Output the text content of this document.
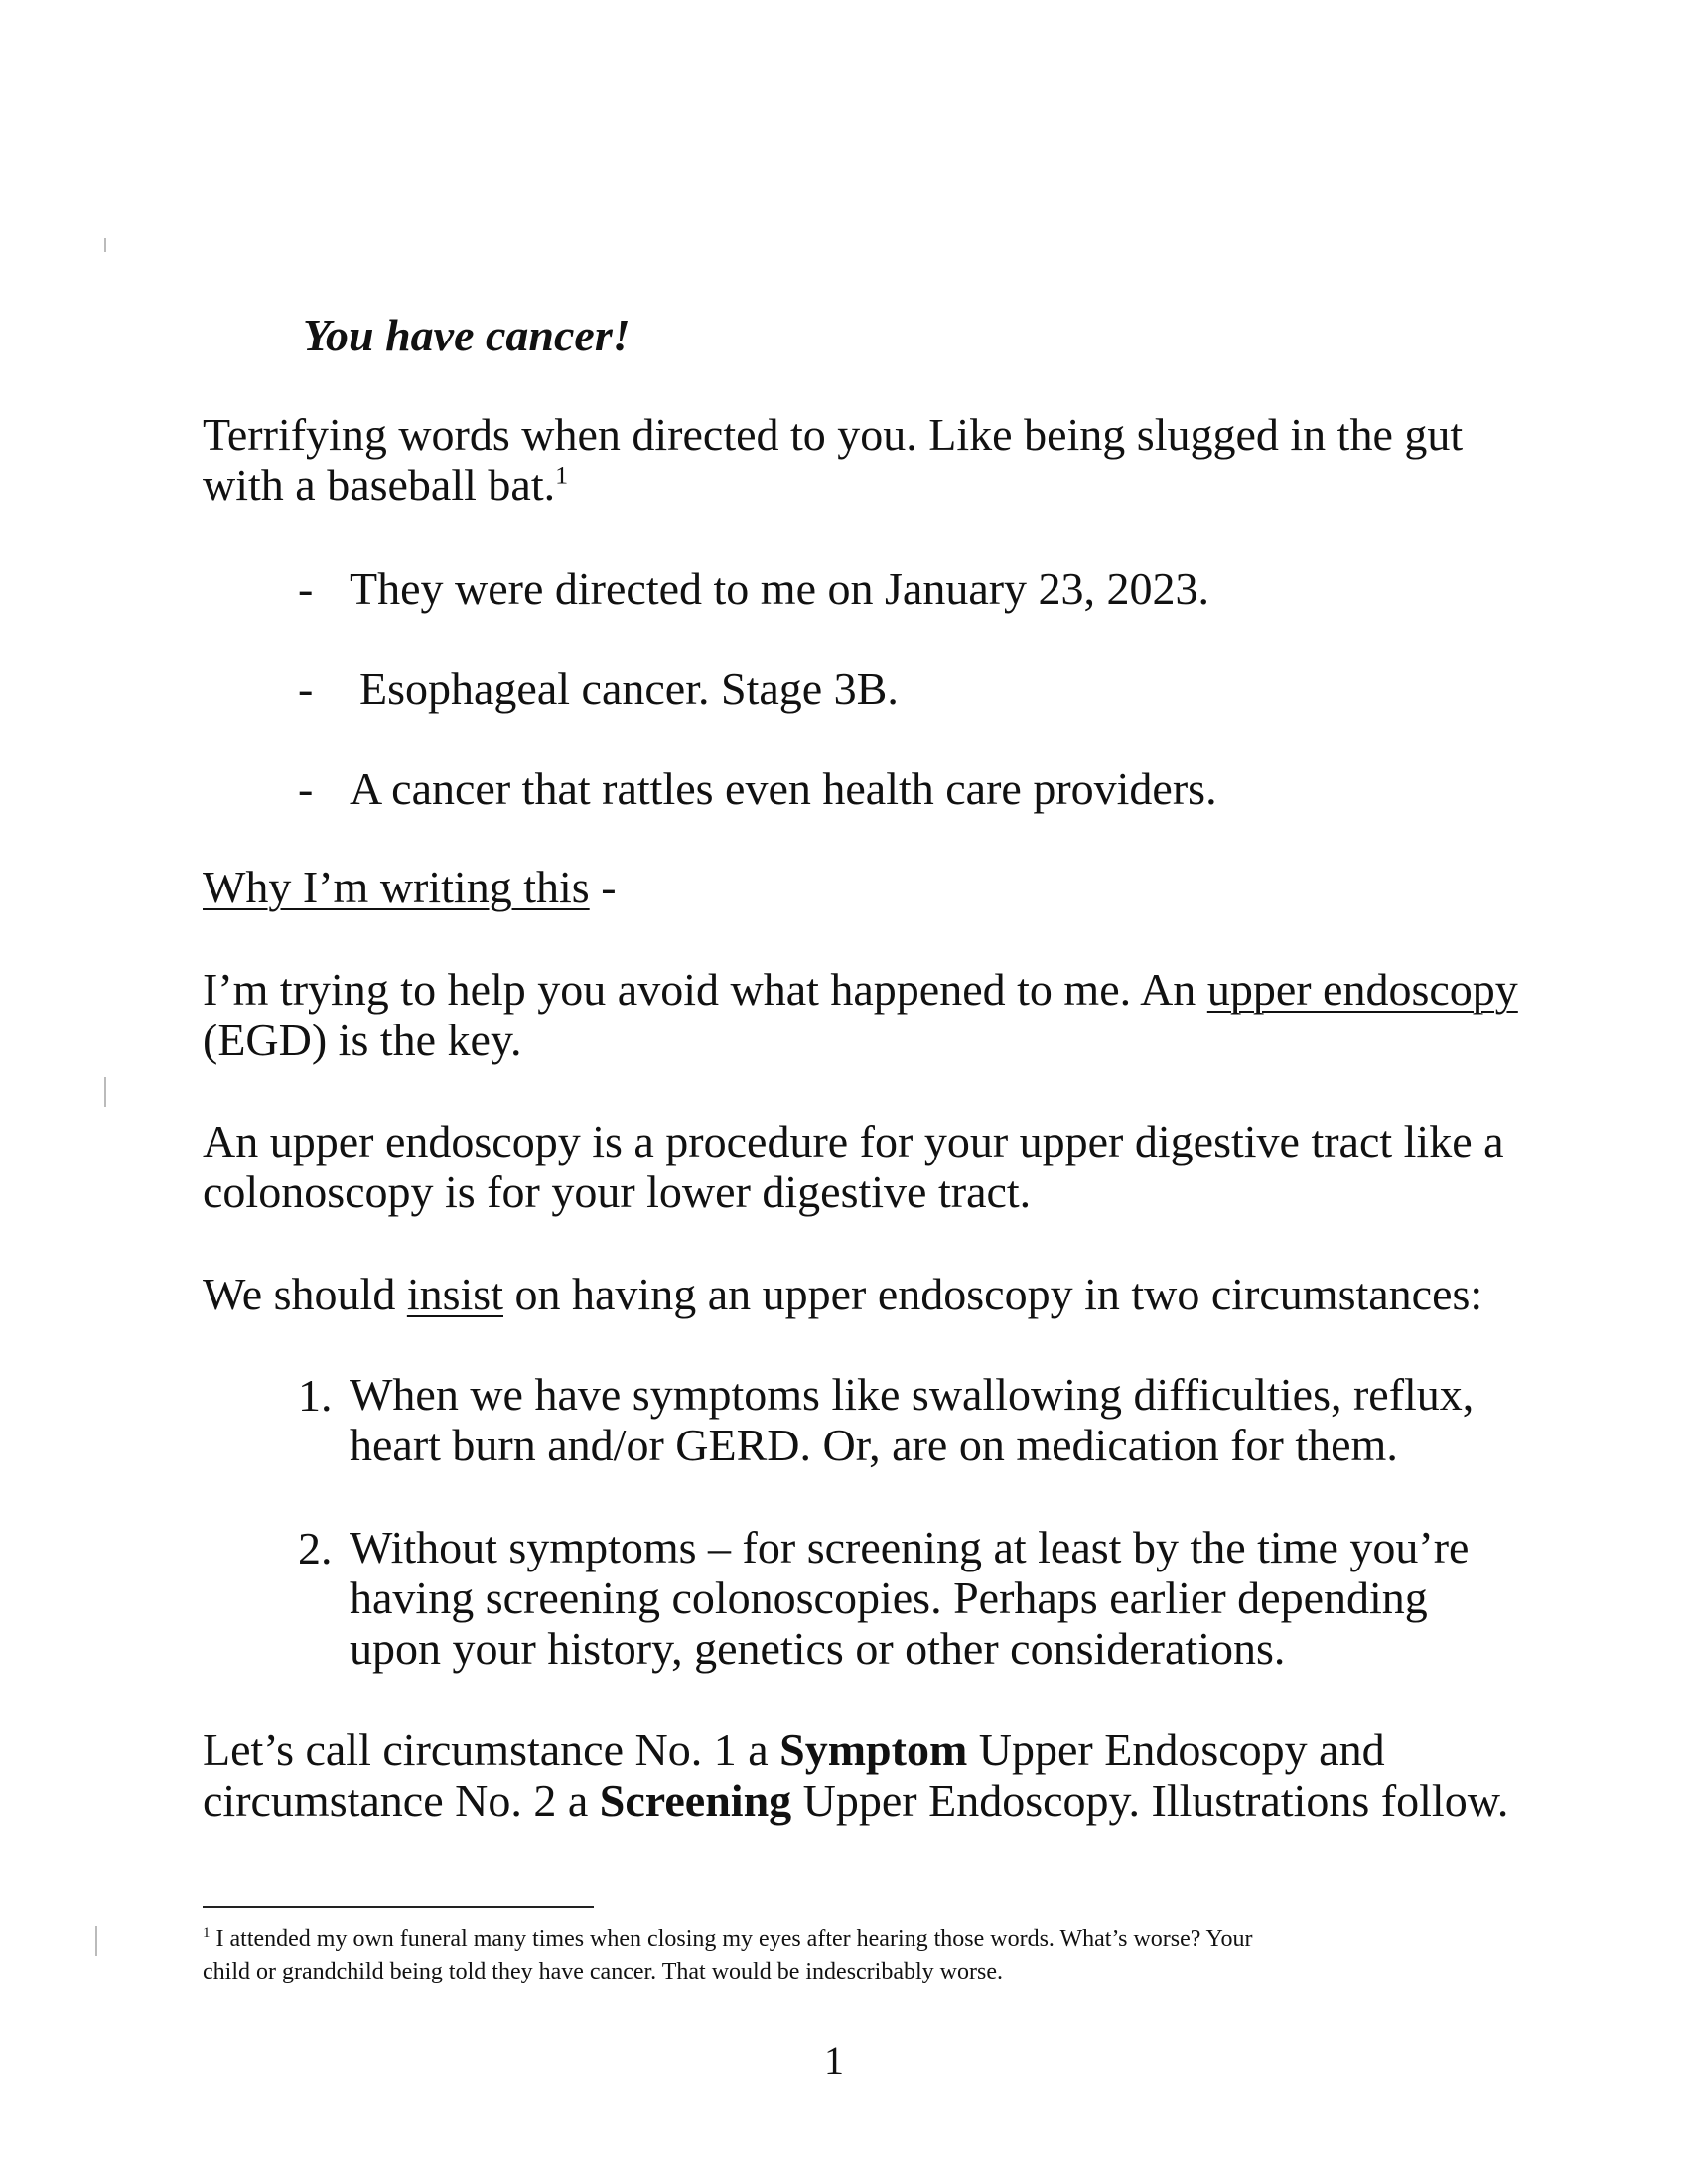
You have cancer!
Terrifying words when directed to you. Like being slugged in the gut
with a baseball bat.$^1$
- They were directed to me on January 23, 2023.
- Esophageal cancer. Stage 3B.
- A cancer that rattles even health care providers.
Why I’m writing this -
I’m trying to help you avoid what happened to me. An upper endoscopy
(EGD) is the key.
An upper endoscopy is a procedure for your upper digestive tract like a
colonoscopy is for your lower digestive tract.
We should insist on having an upper endoscopy in two circumstances:
1. When we have symptoms like swallowing difficulties, reflux,
heart burn and/or GERD. Or, are on medication for them.
2. Without symptoms – for screening at least by the time you’re
having screening colonoscopies. Perhaps earlier depending
upon your history, genetics or other considerations.
Let’s call circumstance No. 1 a Symptom Upper Endoscopy and
circumstance No. 2 a Screening Upper Endoscopy. Illustrations follow.
$^1$ I attended my own funeral many times when closing my eyes after hearing those words. What’s worse? Your
child or grandchild being told they have cancer. That would be indescribably worse.
1
